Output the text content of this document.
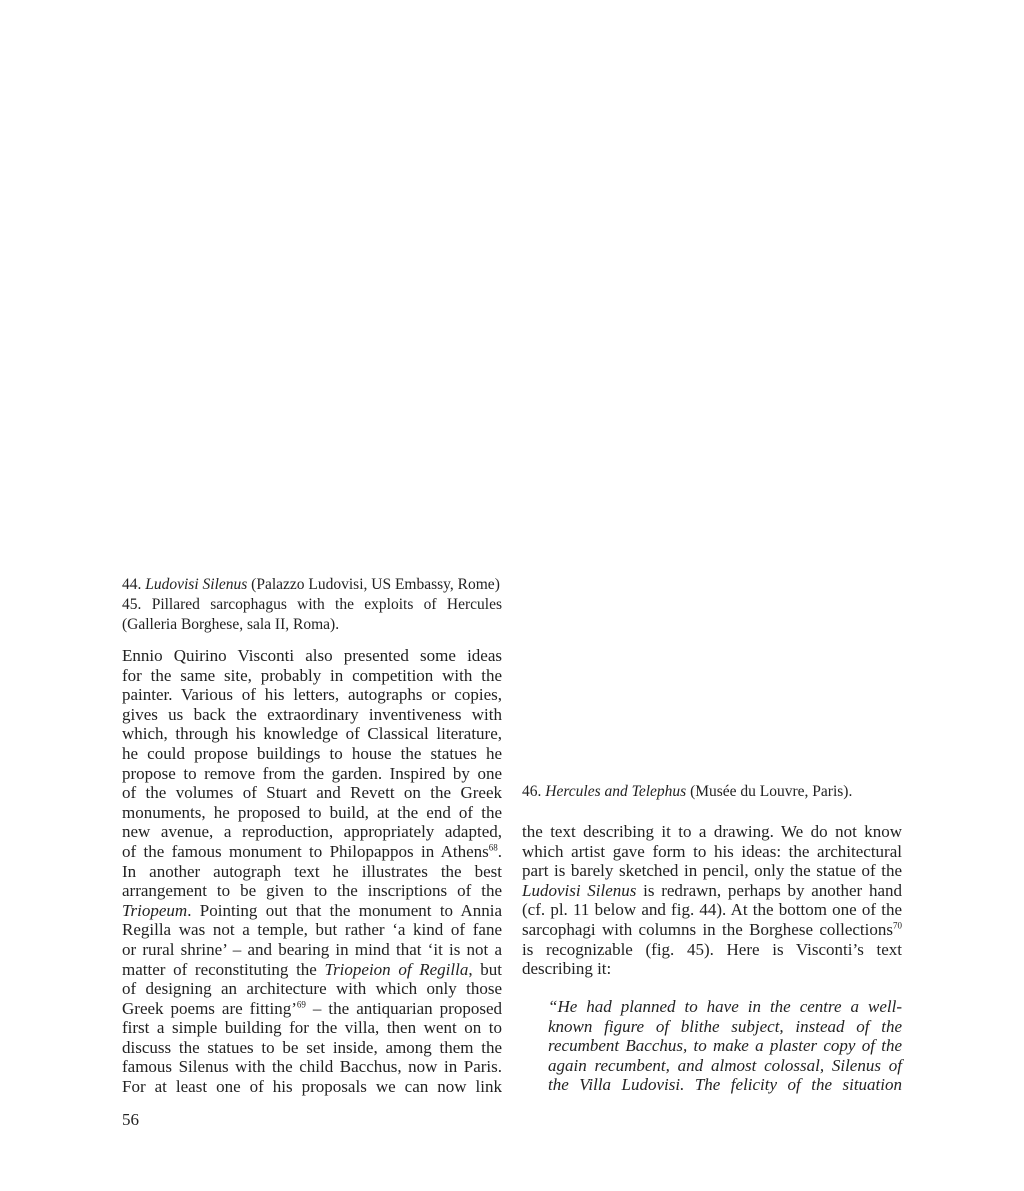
44. Ludovisi Silenus (Palazzo Ludovisi, US Embassy, Rome)
45. Pillared sarcophagus with the exploits of Hercules
(Galleria Borghese, sala II, Roma).
46. Hercules and Telephus (Musée du Louvre, Paris).
Ennio Quirino Visconti also presented some ideas
for the same site, probably in competition with the
painter. Various of his letters, autographs or copies,
gives us back the extraordinary inventiveness with
which, through his knowledge of Classical literature,
he could propose buildings to house the statues he
propose to remove from the garden. Inspired by one
of the volumes of Stuart and Revett on the Greek
monuments, he proposed to build, at the end of the
new avenue, a reproduction, appropriately adapted,
of the famous monument to Philopappos in Athens$^{68}$.
In another autograph text he illustrates the best
arrangement to be given to the inscriptions of the
Triopeum. Pointing out that the monument to Annia
Regilla was not a temple, but rather ‘a kind of fane
or rural shrine’ – and bearing in mind that ‘it is not a
matter of reconstituting the Triopeion of Regilla, but
of designing an architecture with which only those
Greek poems are fitting’$^{69}$ – the antiquarian proposed
first a simple building for the villa, then went on to
discuss the statues to be set inside, among them the
famous Silenus with the child Bacchus, now in Paris.
For at least one of his proposals we can now link
the text describing it to a drawing. We do not know
which artist gave form to his ideas: the architectural
part is barely sketched in pencil, only the statue of the
Ludovisi Silenus is redrawn, perhaps by another hand
(cf. pl. 11 below and fig. 44). At the bottom one of the
sarcophagi with columns in the Borghese collections$^{70}$
is recognizable (fig. 45). Here is Visconti’s text
describing it:
“He had planned to have in the centre a well-
known figure of blithe subject, instead of the
recumbent Bacchus, to make a plaster copy of the
again recumbent, and almost colossal, Silenus of
the Villa Ludovisi. The felicity of the situation
56
